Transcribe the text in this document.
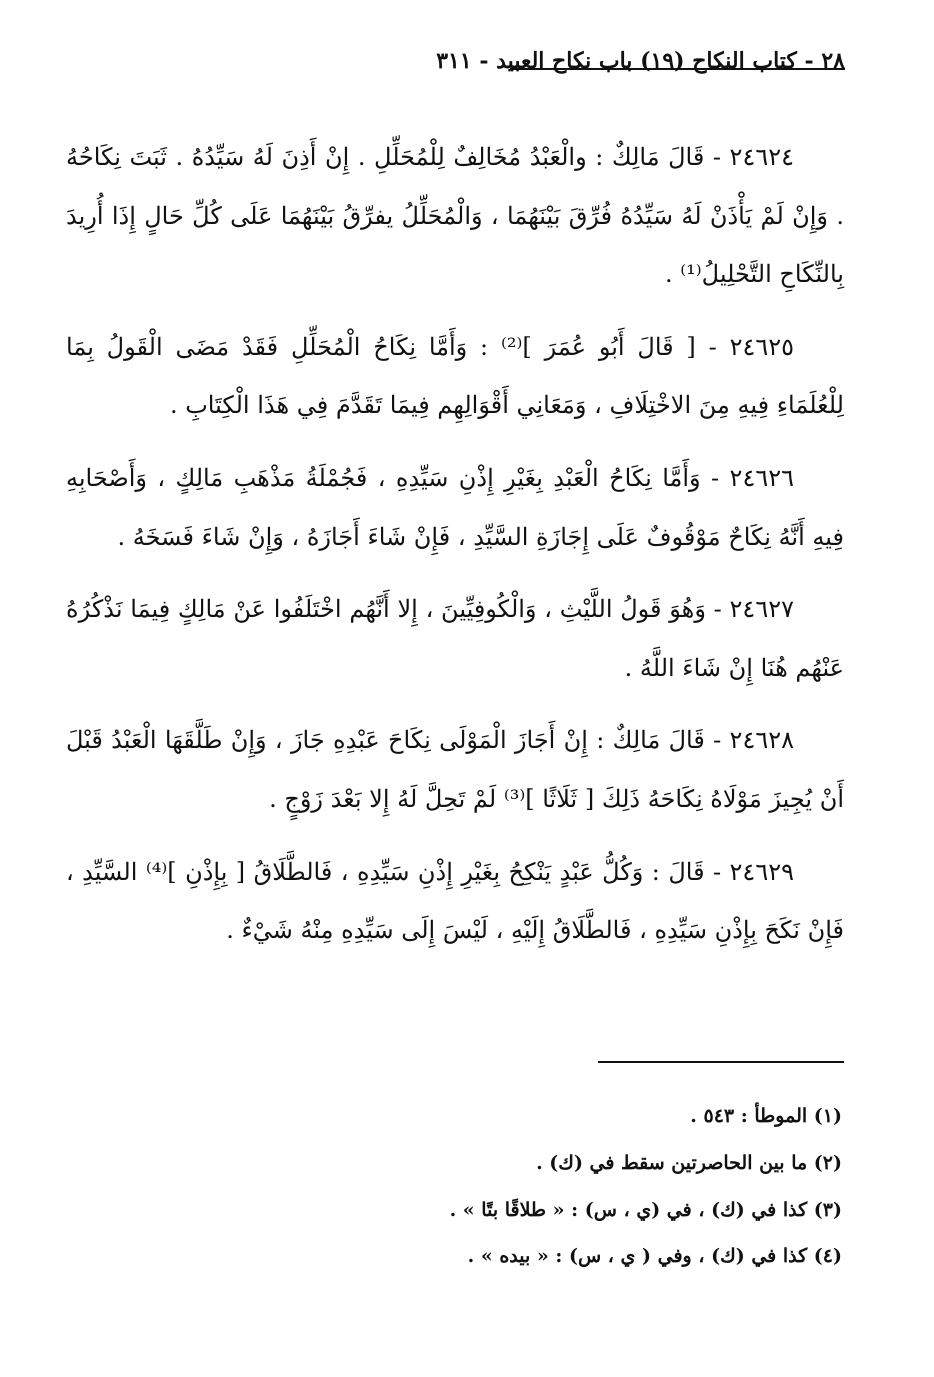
٢٨ - كتاب النكاح (١٩) باب نكاح العبيد - ٣١١

٢٤٦٢٤ - قَالَ مَالِكٌ : والْعَبْدُ مُخَالِفٌ لِلْمُحَلِّلِ . إِنْ أَذِنَ لَهُ سَيِّدُهُ . ثَبَتَ نِكَاحُهُ . وَإِنْ لَمْ يَأْذَنْ لَهُ سَيِّدُهُ فُرِّقَ بَيْنَهُمَا ، وَالْمُحَلِّلُ يفرِّقُ بَيْنَهُمَا عَلَى كُلِّ حَالٍ إِذَا أُرِيدَ بِالنِّكَاحِ التَّحْلِيلُ⁽¹⁾ .

٢٤٦٢٥ - [ قَالَ أَبُو عُمَرَ ]⁽²⁾ : وَأَمَّا نِكَاحُ الْمُحَلِّلِ فَقَدْ مَضَى الْقَولُ بِمَا لِلْعُلَمَاءِ فِيهِ مِنَ الاخْتِلَافِ ، وَمَعَانِي أَقْوَالِهِم فِيمَا تَقَدَّمَ فِي هَذَا الْكِتَابِ .

٢٤٦٢٦ - وَأَمَّا نِكَاحُ الْعَبْدِ بِغَيْرِ إِذْنِ سَيِّدِهِ ، فَجُمْلَةُ مَذْهَبِ مَالِكٍ ، وَأَصْحَابِهِ فِيهِ أَنَّهُ نِكَاحٌ مَوْقُوفٌ عَلَى إِجَازَةِ السَّيِّدِ ، فَإِنْ شَاءَ أَجَازَهُ ، وَإِنْ شَاءَ فَسَخَهُ .

٢٤٦٢٧ - وَهُوَ قَولُ اللَّيْثِ ، وَالْكُوفِيِّينَ ، إِلا أَنَّهُم اخْتَلَفُوا عَنْ مَالِكٍ فِيمَا نَذْكُرُهُ عَنْهُم هُنَا إِنْ شَاءَ اللَّهُ .

٢٤٦٢٨ - قَالَ مَالِكٌ : إِنْ أَجَازَ الْمَوْلَى نِكَاحَ عَبْدِهِ جَازَ ، وَإِنْ طَلَّقَهَا الْعَبْدُ قَبْلَ أَنْ يُجِيزَ مَوْلَاهُ نِكَاحَهُ ذَلِكَ [ ثَلَاثًا ]⁽³⁾ لَمْ تَحِلَّ لَهُ إِلا بَعْدَ زَوْجٍ .

٢٤٦٢٩ - قَالَ : وَكُلُّ عَبْدٍ يَنْكِحُ بِغَيْرِ إِذْنِ سَيِّدِهِ ، فَالطَّلَاقُ [ بِإِذْنِ ]⁽⁴⁾ السَّيِّدِ ، فَإِنْ نَكَحَ بِإِذْنِ سَيِّدِهِ ، فَالطَّلَاقُ إِلَيْهِ ، لَيْسَ إِلَى سَيِّدِهِ مِنْهُ شَيْءٌ .

(١) الموطأ : ٥٤٣ .

(٢) ما بين الحاصرتين سقط في (ك) .

(٣) كذا في (ك) ، في (ي ، س) : « طلاقًا بتًا » .

(٤) كذا في (ك) ، وفي ( ي ، س) : « بيده » .
